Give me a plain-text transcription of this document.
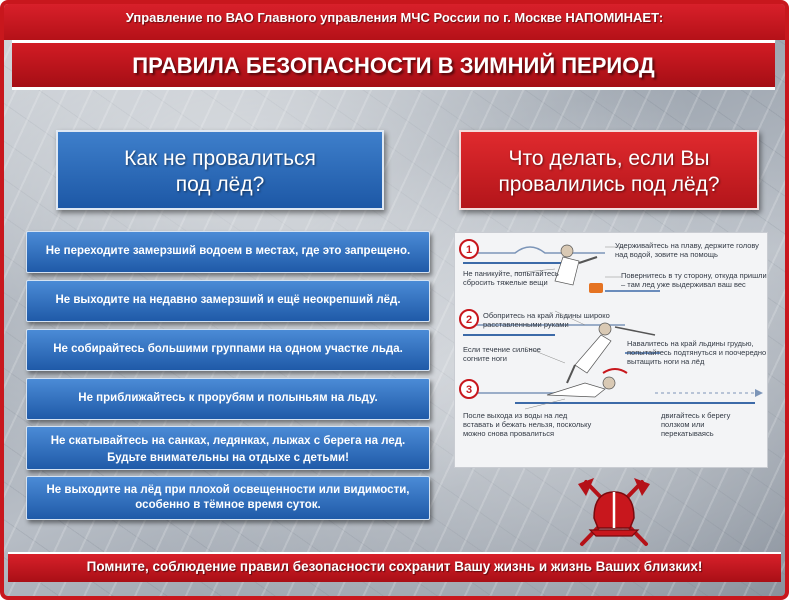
Управление по ВАО Главного управления МЧС России по г. Москве НАПОМИНАЕТ:
ПРАВИЛА БЕЗОПАСНОСТИ В ЗИМНИЙ ПЕРИОД
Как не провалиться
под лёд?
Что делать, если Вы
провалились под лёд?
Не переходите замерзший водоем в местах, где это запрещено.
Не выходите на недавно замерзший и ещё неокрепший лёд.
Не собирайтесь большими группами на одном участке льда.
Не приближайтесь к прорубям и полыньям на льду.
Не скатывайтесь на санках, ледянках, лыжах с берега на лед.
Будьте внимательны на отдыхе с детьми!
Не выходите на лёд при плохой освещенности или видимости,
особенно в тёмное время суток.
1
2
3
Удерживайтесь на плаву, держите голову
над водой, зовите на помощь
Не паникуйте, попытайтесь
сбросить тяжелые вещи
Повернитесь в ту сторону, откуда пришли
– там лед уже выдерживал ваш вес
Обопритесь на край льдины широко
расставленными руками
Если течение сильное
согните ноги
Навалитесь на край льдины грудью,
попытайтесь подтянуться и поочередно
вытащить ноги на лёд
После выхода из воды на лед
вставать и бежать нельзя, поскольку
можно снова провалиться
двигайтесь к берегу
ползком или
перекатываясь
Помните, соблюдение правил безопасности сохранит Вашу жизнь и жизнь Ваших близких!
